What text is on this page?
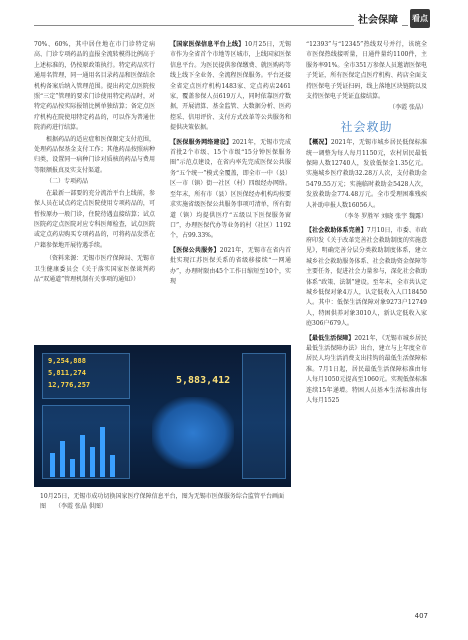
社会保障	看点

70%、60%，其中居住地在市门诊特定病高、门诊专项药品的直报全流转模得比例高于上述标准的，仍按原政策执行。特定药品实行通用名管理，同一通用名目录药品和医保结余机构备案后纳入管理范围。提出药定点医院按照“三定”管理的要求门诊使用特定药品时，对特定药品按实际报销比例单独结算；备定点医疗机构在院使用特定药品的，可以作为普通住院消药进行结算。

根据药品的适应症和医保限定支付范围，处理药品保基金支付工作；其他药品按照病种归类，设置同一病种门诊对质核的药品与费用等限额报真及实支付渠道。

（二）专项药品

在最新一部要的充分流治平台上线前，参保人员在试点药定点医院使用专项药品的，可暂按原办一般门诊，住院待遇直接结算；试点医院药定点医院对应专科医师检查，试点医院或定点药店购买专项药品的，可将药品发票在户籍参保地开展待遇手续。

（资料来源：无锡市医疗保障局、无锡市卫生健康委员会《关于落实国家医保谈判药品“双通道”管理机制有关事项的通知》）

【国家医保信息平台上线】10月25日，无锡市作为全省首个市地等区城市，上线国家医保信息平台。为医民提供参保缴费、就医购药等线上线下全业务、全流程医保服务。平台还接全省定点医疗机构1483家、定点药店2461家，覆盖参保人员619万人，同时依靠医疗数据，开展清算、基金监管、大数据分析、医药控采、信用评价、支付方式改革等公共服务和提供决策依据。

【医保服务网络建设】2021年，无锡市完成首批2个市级、15个市级“15分钟医保服务圈”示范点建设，在省内率先完成医保公共服务“五个统一”模式全覆盖，即全市一中（县）区一市（镇）街一社区（村）四级经办网络。至年末，所有市（县）区医保经办机构均按要求实施省级医保公共服务事项可清单，所有街道（镇）均提供医疗“五级以下医保服务窗口”，办理医保代办等业务的村（社区）1192个，占99.33%。

【医保公共服务】2021年，无锡市在省内首批实现江苏医保关系的省级移接续“一网通办”，办理时限由45个工作日缩短至10个，实现

“12393”与“12345”热线双号并行，该统全市医保热线接听量，日通件量约1100件，主服务率91%。全市351万参保人员邀请医保电子凭证，所有医保定点医疗机构、药店全面支持医保电子凭证扫码，线上落地区块链院以及支持医保电子凭证直接结算。

（李霞 张晶）
社会救助

【概况】2021年，无锡市城乡居民低保标准统一调整为每人每月1150元，农村居民最低保障人数12740人，发放低保金1.35亿元。实施城乡医疗救助32.28万人次，支付救助金5479.55万元；实施临时救助金5428人次，发放救助金774.48万元。全市受理困难残疾人补助申报人数16056人。

（李冬 罗胜军 刘晓 张宇 魏露）

【社会救助体系完善】7月10日，市委、市政府印发《关于改革完善社会救助制度的实施意见》，明确完善分层分类救助制度体系，建立城乡社会救助服务体系、社会救助资金保障等主要任务，促进社会力量参与，深化社会救助体系“政策、法制”建设。至年末，全市共认定城乡低保对象4万人，认定低收入人口18450人。其中：低保生活保障对象9273户12749人，特困供养对象3010人，新认定低收入家庭306户679人。

【最低生活保障】2021年，《无锡市城乡居民最低生活保障办法》出台，建立与上年度全市居民人均生活消费支出挂钩的最低生活保障标准。7月1日起，居民最低生活保障标准由每人每月1050元提高至1060元。实现低保标准连续15年递增。特困人员基本生活标准由每人每月1525

9,254,888
5,811,274
12,776,257	5,883,412
10月25日，无锡市成功切换国家医疗保障信息平台，图为无锡市医保服务综合监管平台画面图　　（李霞 张晶 供图）
407
